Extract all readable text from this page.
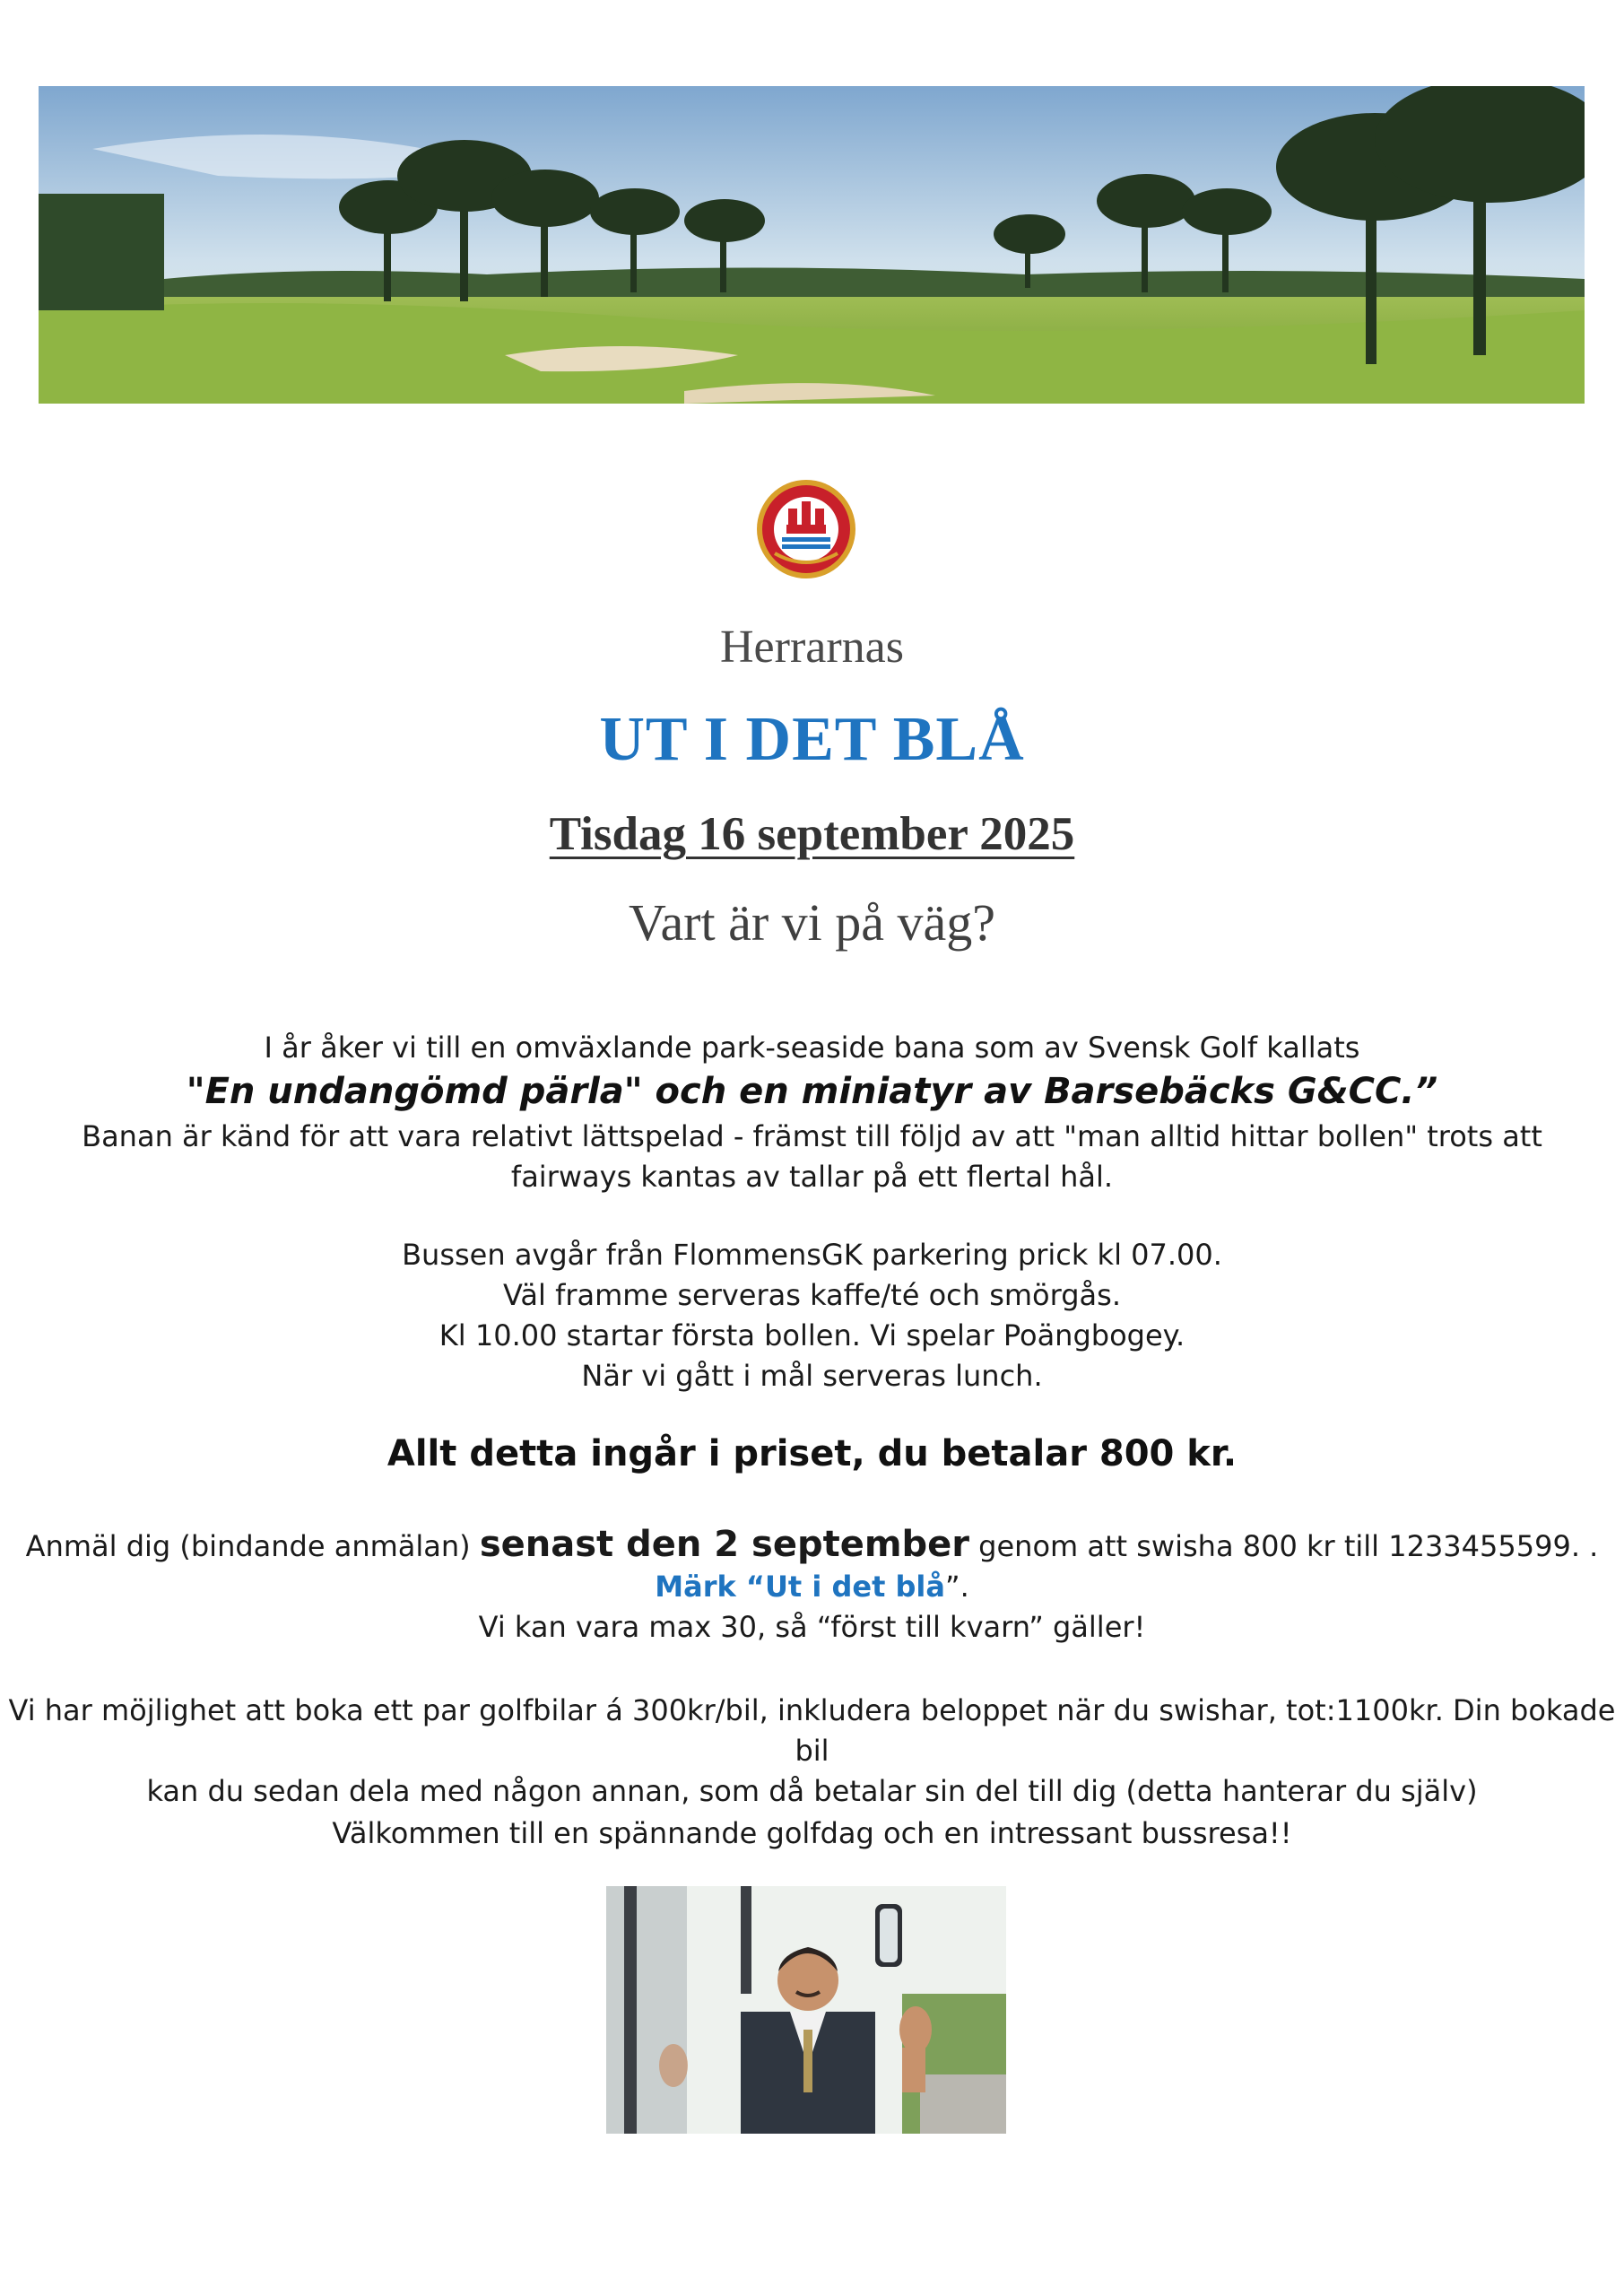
Herrarnas
UT I DET BLÅ
Tisdag 16 september 2025
Vart är vi på väg?
I år åker vi till en omväxlande park-seaside bana som av Svensk Golf kallats
"En undangömd pärla" och en miniatyr av Barsebäcks G&CC.”
Banan är känd för att vara relativt lättspelad - främst till följd av att "man alltid hittar bollen" trots att
fairways kantas av tallar på ett flertal hål.
Bussen avgår från FlommensGK parkering prick kl 07.00.
Väl framme serveras kaffe/té och smörgås.
Kl 10.00 startar första bollen. Vi spelar Poängbogey.
När vi gått i mål serveras lunch.
Allt detta ingår i priset, du betalar 800 kr.
Anmäl dig (bindande anmälan) senast den 2 september genom att swisha 800 kr till 1233455599. .
Märk “Ut i det blå”.
Vi kan vara max 30, så “först till kvarn” gäller!
Vi har möjlighet att boka ett par golfbilar á 300kr/bil, inkludera beloppet när du swishar, tot:1100kr. Din bokade bil
kan du sedan dela med någon annan, som då betalar sin del till dig (detta hanterar du själv)
Välkommen till en spännande golfdag och en intressant bussresa!!
